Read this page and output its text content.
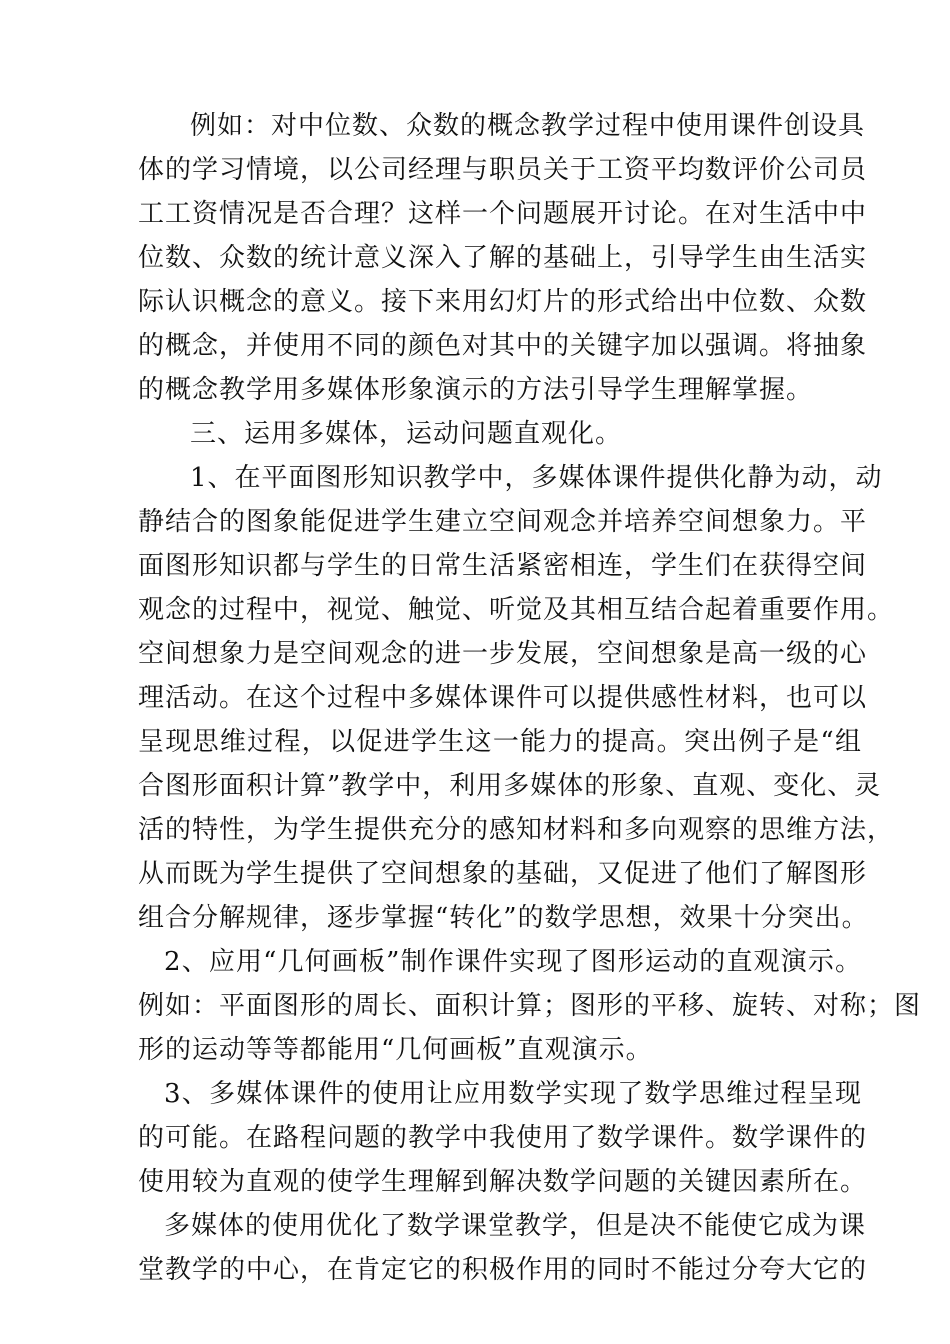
例如：对中位数、众数的概念教学过程中使用课件创设具
体的学习情境，以公司经理与职员关于工资平均数评价公司员
工工资情况是否合理？这样一个问题展开讨论。在对生活中中
位数、众数的统计意义深入了解的基础上，引导学生由生活实
际认识概念的意义。接下来用幻灯片的形式给出中位数、众数
的概念，并使用不同的颜色对其中的关键字加以强调。将抽象
的概念教学用多媒体形象演示的方法引导学生理解掌握。
三、运用多媒体，运动问题直观化。
1、在平面图形知识教学中，多媒体课件提供化静为动，动
静结合的图象能促进学生建立空间观念并培养空间想象力。平
面图形知识都与学生的日常生活紧密相连，学生们在获得空间
观念的过程中，视觉、触觉、听觉及其相互结合起着重要作用。
空间想象力是空间观念的进一步发展，空间想象是高一级的心
理活动。在这个过程中多媒体课件可以提供感性材料，也可以
呈现思维过程，以促进学生这一能力的提高。突出例子是“组
合图形面积计算”教学中，利用多媒体的形象、直观、变化、灵
活的特性，为学生提供充分的感知材料和多向观察的思维方法，
从而既为学生提供了空间想象的基础，又促进了他们了解图形
组合分解规律，逐步掌握“转化”的数学思想，效果十分突出。
2、应用“几何画板”制作课件实现了图形运动的直观演示。
例如：平面图形的周长、面积计算；图形的平移、旋转、对称；图
形的运动等等都能用“几何画板”直观演示。
3、多媒体课件的使用让应用数学实现了数学思维过程呈现
的可能。在路程问题的教学中我使用了数学课件。数学课件的
使用较为直观的使学生理解到解决数学问题的关键因素所在。
多媒体的使用优化了数学课堂教学，但是决不能使它成为课
堂教学的中心，在肯定它的积极作用的同时不能过分夸大它的
